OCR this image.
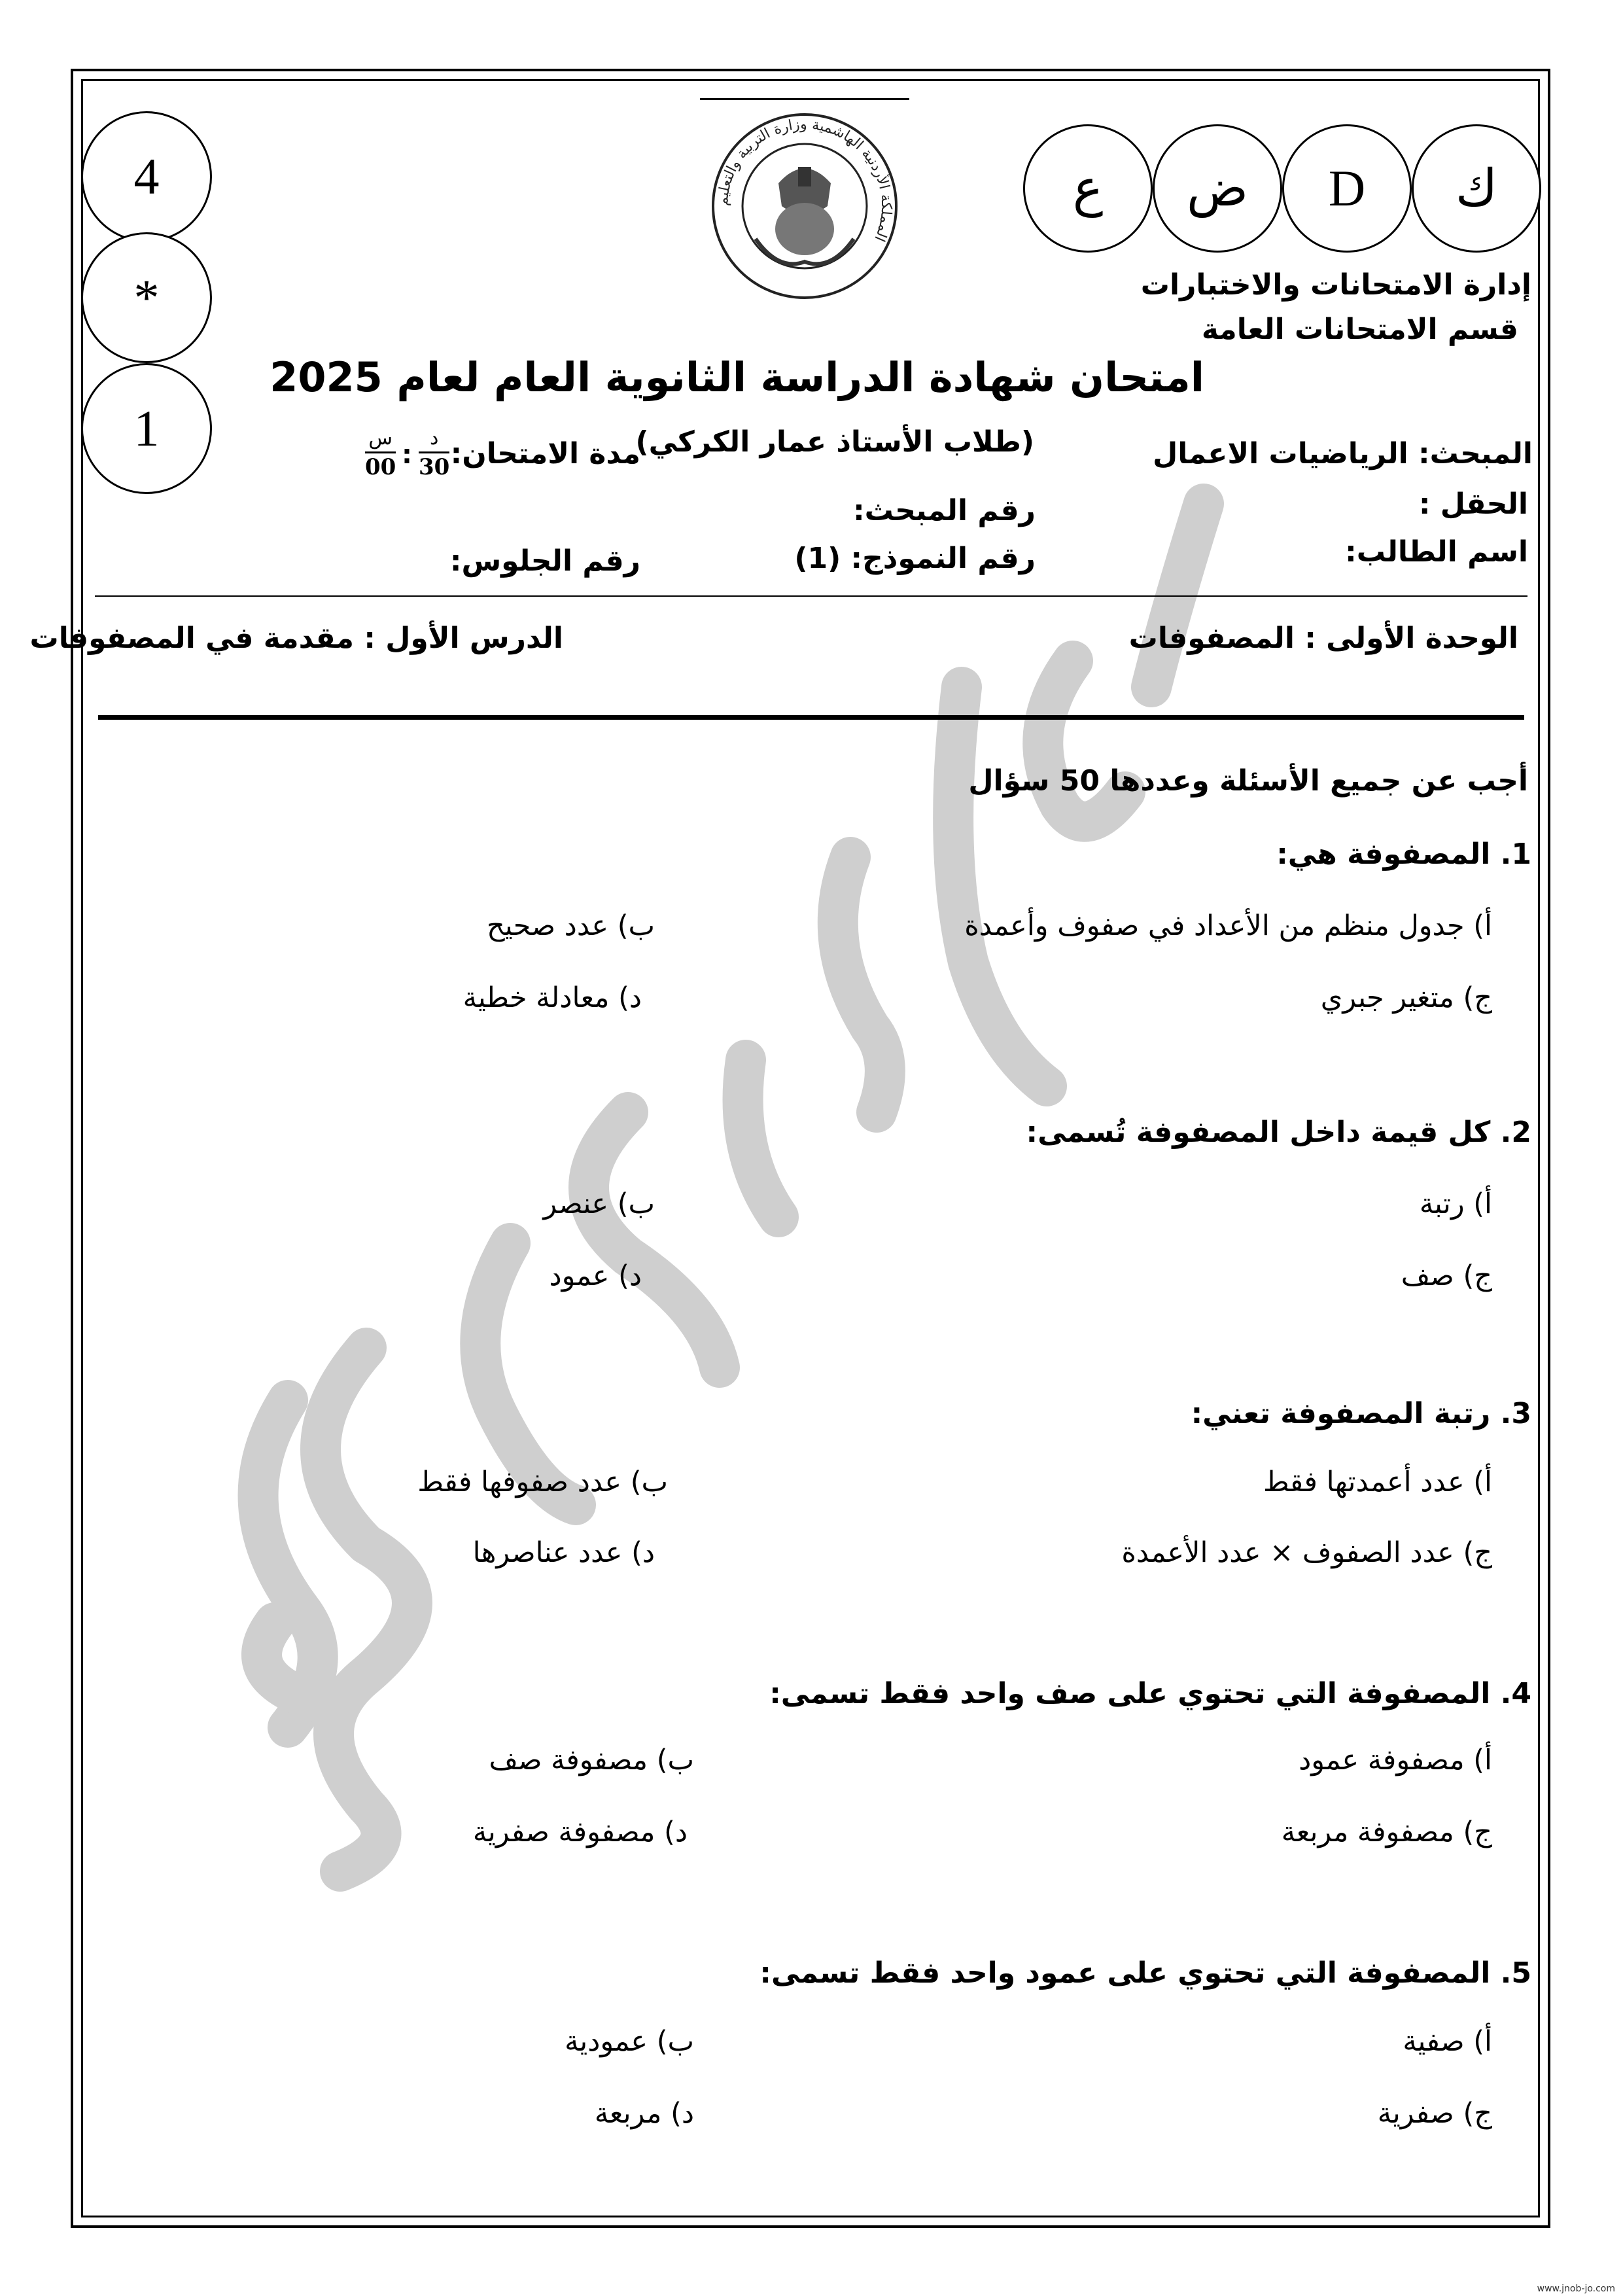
4
*
1
ك
D
ض
ع
المملكة الأردنية الهاشمية وزارة التربية والتعليم
إدارة الامتحانات والاختبارات
قسم الامتحانات العامة
امتحان شهادة الدراسة الثانوية العام لعام 2025
(طلاب الأستاذ عمار الكركي)	المبحث: الرياضيات الاعمال
مدة الامتحان:
د
30
:
س
00
الحقل :
رقم المبحث:
اسم الطالب:
رقم النموذج: (1)
رقم الجلوس:
الوحدة الأولى : المصفوفات
الدرس الأول : مقدمة في المصفوفات
أجب عن جميع الأسئلة وعددها 50 سؤال
1. المصفوفة هي:
أ) جدول منظم من الأعداد في صفوف وأعمدة
ب) عدد صحيح
ج) متغير جبري
د) معادلة خطية
2. كل قيمة داخل المصفوفة تُسمى:
أ) رتبة
ب) عنصر
ج) صف
د) عمود
3. رتبة المصفوفة تعني:
أ) عدد أعمدتها فقط
ب) عدد صفوفها فقط
ج) عدد الصفوف × عدد الأعمدة
د) عدد عناصرها
4. المصفوفة التي تحتوي على صف واحد فقط تسمى:
أ) مصفوفة عمود
ب) مصفوفة صف
ج) مصفوفة مربعة
د) مصفوفة صفرية
5. المصفوفة التي تحتوي على عمود واحد فقط تسمى:
أ) صفية
ب) عمودية
ج) صفرية
د) مربعة
www.jnob-jo.com
